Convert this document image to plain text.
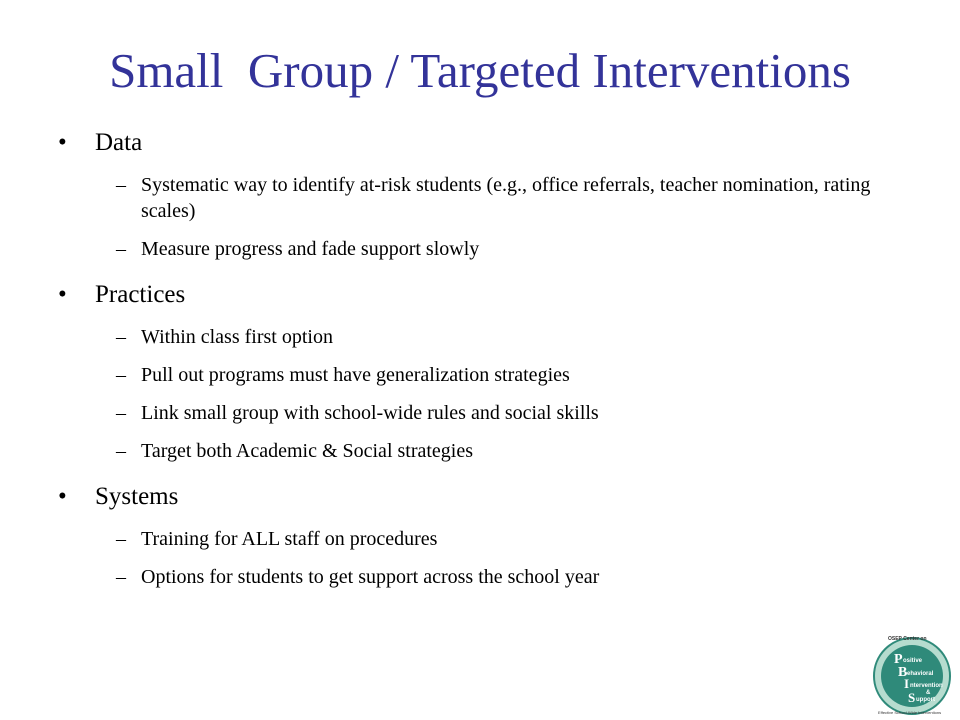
Small  Group / Targeted Interventions
• Data
– Systematic way to identify at-risk students (e.g., office referrals, teacher nomination, rating scales)
– Measure progress and fade support slowly
• Practices
– Within class first option
– Pull out programs must have generalization strategies
– Link small group with school-wide rules and social skills
– Target both Academic & Social strategies
• Systems
– Training for ALL staff on procedures
– Options for students to get support across the school year
OSEP Center on
P ositive
B ehavioral
I ntervention
&
S upport
Effective School-Wide Interventions
